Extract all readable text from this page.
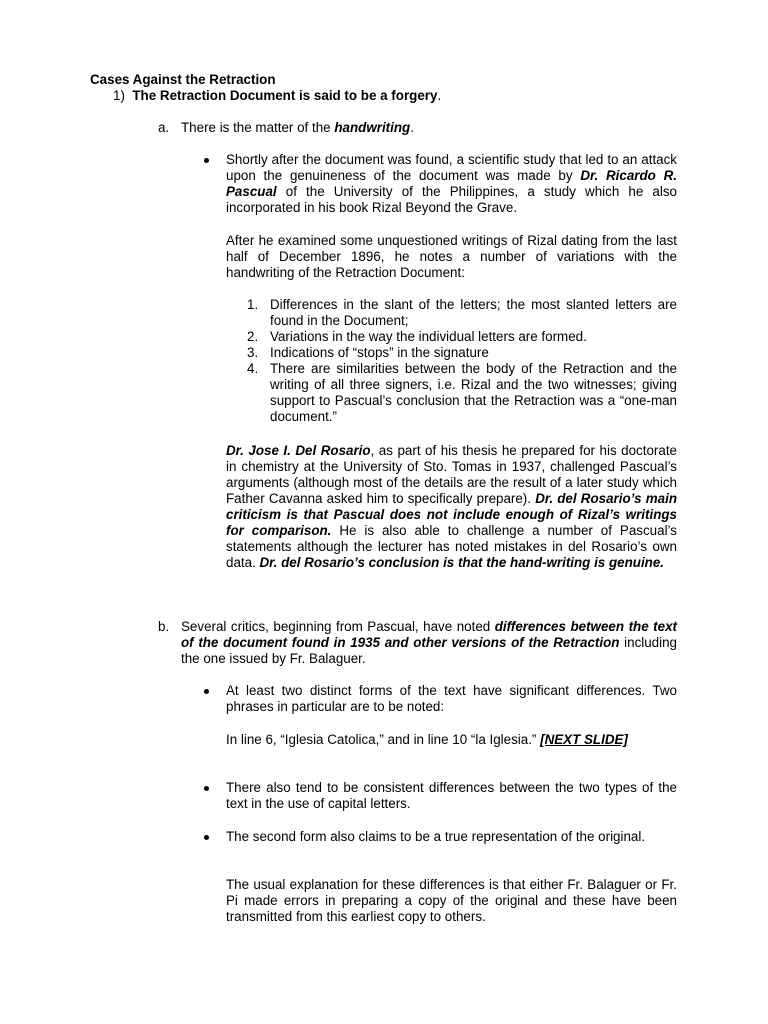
Cases Against the Retraction

1) The Retraction Document is said to be a forgery.

a. There is the matter of the handwriting.

Shortly after the document was found, a scientific study that led to an attack upon the genuineness of the document was made by Dr. Ricardo R. Pascual of the University of the Philippines, a study which he also incorporated in his book Rizal Beyond the Grave.

After he examined some unquestioned writings of Rizal dating from the last half of December 1896, he notes a number of variations with the handwriting of the Retraction Document:

1. Differences in the slant of the letters; the most slanted letters are found in the Document;
2. Variations in the way the individual letters are formed.
3. Indications of “stops” in the signature
4. There are similarities between the body of the Retraction and the writing of all three signers, i.e. Rizal and the two witnesses; giving support to Pascual’s conclusion that the Retraction was a “one-man document.”

Dr. Jose I. Del Rosario, as part of his thesis he prepared for his doctorate in chemistry at the University of Sto. Tomas in 1937, challenged Pascual’s arguments (although most of the details are the result of a later study which Father Cavanna asked him to specifically prepare). Dr. del Rosario’s main criticism is that Pascual does not include enough of Rizal’s writings for comparison. He is also able to challenge a number of Pascual’s statements although the lecturer has noted mistakes in del Rosario’s own data. Dr. del Rosario’s conclusion is that the hand-writing is genuine.

b. Several critics, beginning from Pascual, have noted differences between the text of the document found in 1935 and other versions of the Retraction including the one issued by Fr. Balaguer.

At least two distinct forms of the text have significant differences. Two phrases in particular are to be noted:

In line 6, “Iglesia Catolica,” and in line 10 “la Iglesia.” [NEXT SLIDE]

There also tend to be consistent differences between the two types of the text in the use of capital letters.

The second form also claims to be a true representation of the original.

The usual explanation for these differences is that either Fr. Balaguer or Fr. Pi made errors in preparing a copy of the original and these have been transmitted from this earliest copy to others.
